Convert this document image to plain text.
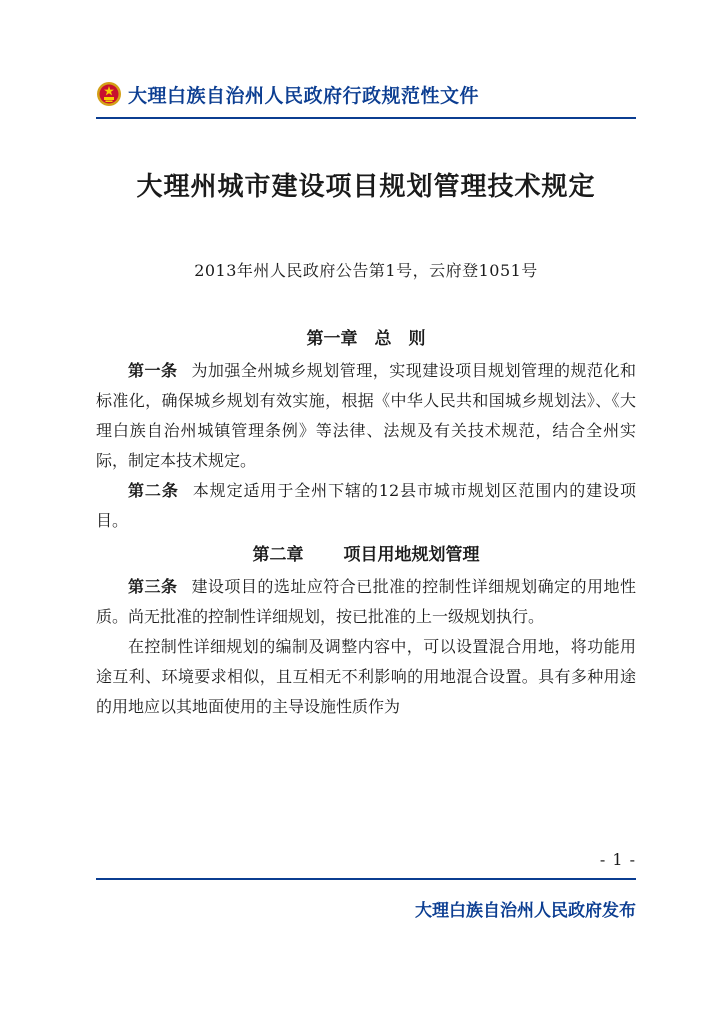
大理白族自治州人民政府行政规范性文件
大理州城市建设项目规划管理技术规定
2013年州人民政府公告第1号，云府登1051号
第一章　 总　则

第一条 为加强全州城乡规划管理，实现建设项目规划管理的规范化和标准化，确保城乡规划有效实施，根据《中华人民共和国城乡规划法》、《大理白族自治州城镇管理条例》等法律、法规及有关技术规范，结合全州实际，制定本技术规定。

第二条 本规定适用于全州下辖的12县市城市规划区范围内的建设项目。

第二章 项目用地规划管理

第三条 建设项目的选址应符合已批准的控制性详细规划确定的用地性质。尚无批准的控制性详细规划，按已批准的上一级规划执行。

在控制性详细规划的编制及调整内容中，可以设置混合用地，将功能用途互利、环境要求相似，且互相无不利影响的用地混合设置。具有多种用途的用地应以其地面使用的主导设施性质作为

- 1 -
大理白族自治州人民政府发布
